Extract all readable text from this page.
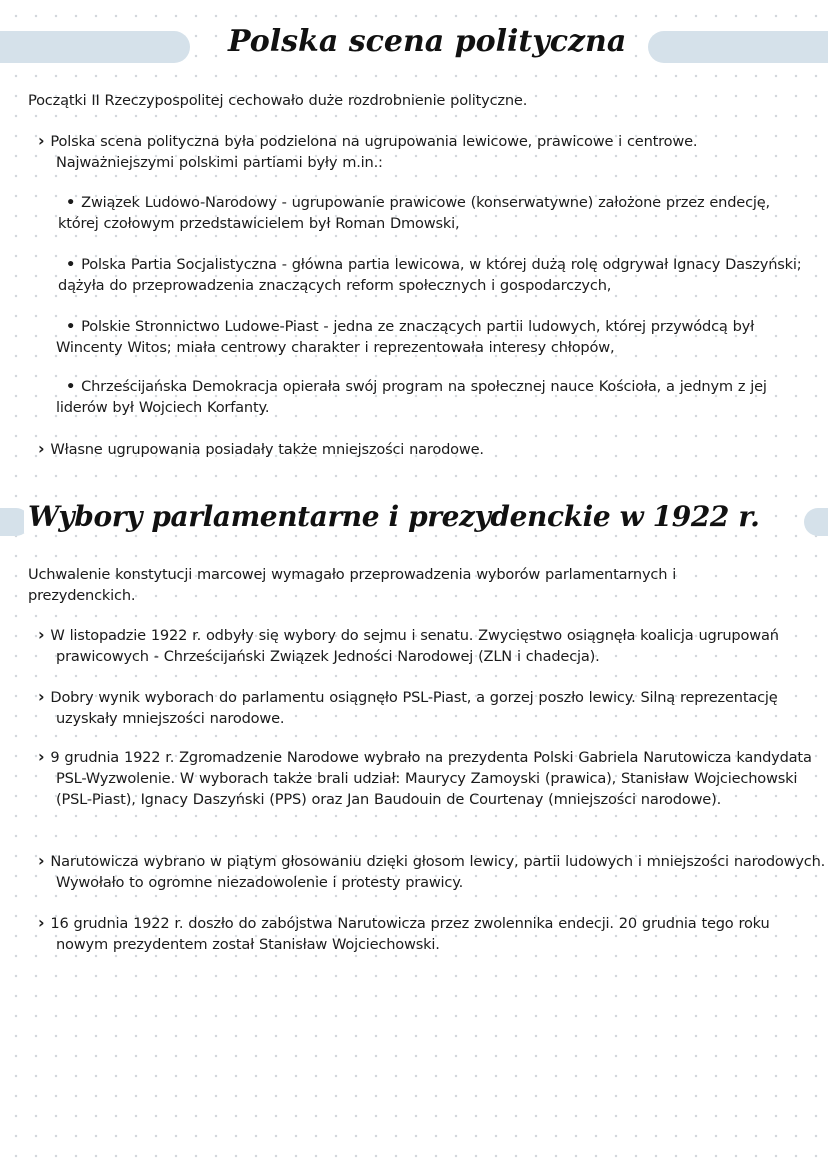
Polska scena polityczna

Początki II Rzeczypospolitej cechowało duże rozdrobnienie polityczne.

› Polska scena polityczna była podzielona na ugrupowania lewicowe, prawicowe i centrowe. Najważniejszymi polskimi partiami były m.in.:
• Związek Ludowo-Narodowy - ugrupowanie prawicowe (konserwatywne) założone przez endecję, której czołowym przedstawicielem był Roman Dmowski,
• Polska Partia Socjalistyczna - główna partia lewicowa, w której dużą rolę odgrywał Ignacy Daszyński; dążyła do przeprowadzenia znaczących reform społecznych i gospodarczych,
• Polskie Stronnictwo Ludowe-Piast - jedna ze znaczących partii ludowych, której przywódcą był Wincenty Witos; miała centrowy charakter i reprezentowała interesy chłopów,
• Chrześcijańska Demokracja opierała swój program na społecznej nauce Kościoła, a jednym z jej liderów był Wojciech Korfanty.
› Własne ugrupowania posiadały także mniejszości narodowe.
Wybory parlamentarne i prezydenckie w 1922 r.

Uchwalenie konstytucji marcowej wymagało przeprowadzenia wyborów parlamentarnych i prezydenckich.

› W listopadzie 1922 r. odbyły się wybory do sejmu i senatu. Zwycięstwo osiągnęła koalicja ugrupowań prawicowych - Chrześcijański Związek Jedności Narodowej (ZLN i chadecja).
› Dobry wynik wyborach do parlamentu osiągnęło PSL-Piast, a gorzej poszło lewicy. Silną reprezentację uzyskały mniejszości narodowe.
› 9 grudnia 1922 r. Zgromadzenie Narodowe wybrało na prezydenta Polski Gabriela Narutowicza kandydata PSL-Wyzwolenie. W wyborach także brali udział: Maurycy Zamoyski (prawica), Stanisław Wojciechowski (PSL-Piast), Ignacy Daszyński (PPS) oraz Jan Baudouin de Courtenay (mniejszości narodowe).
› Narutowicza wybrano w piątym głosowaniu dzięki głosom lewicy, partii ludowych i mniejszości narodowych. Wywołało to ogromne niezadowolenie i protesty prawicy.
› 16 grudnia 1922 r. doszło do zabójstwa Narutowicza przez zwolennika endecji. 20 grudnia tego roku nowym prezydentem został Stanisław Wojciechowski.
